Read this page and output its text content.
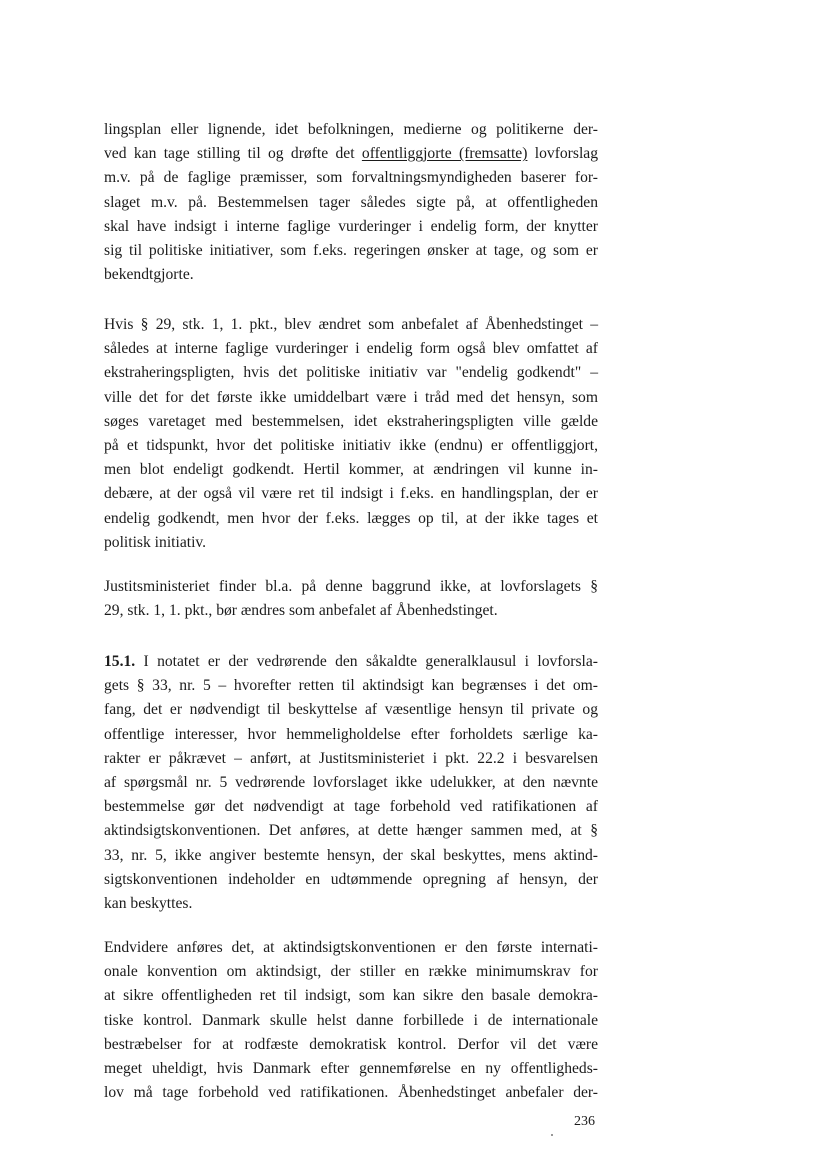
lingsplan eller lignende, idet befolkningen, medierne og politikerne der-
ved kan tage stilling til og drøfte det offentliggjorte (fremsatte) lovforslag
m.v. på de faglige præmisser, som forvaltningsmyndigheden baserer for-
slaget m.v. på. Bestemmelsen tager således sigte på, at offentligheden
skal have indsigt i interne faglige vurderinger i endelig form, der knytter
sig til politiske initiativer, som f.eks. regeringen ønsker at tage, og som er
bekendtgjorte.
Hvis § 29, stk. 1, 1. pkt., blev ændret som anbefalet af Åbenhedstinget –
således at interne faglige vurderinger i endelig form også blev omfattet af
ekstraheringspligten, hvis det politiske initiativ var "endelig godkendt" –
ville det for det første ikke umiddelbart være i tråd med det hensyn, som
søges varetaget med bestemmelsen, idet ekstraheringspligten ville gælde
på et tidspunkt, hvor det politiske initiativ ikke (endnu) er offentliggjort,
men blot endeligt godkendt. Hertil kommer, at ændringen vil kunne in-
debære, at der også vil være ret til indsigt i f.eks. en handlingsplan, der er
endelig godkendt, men hvor der f.eks. lægges op til, at der ikke tages et
politisk initiativ.
Justitsministeriet finder bl.a. på denne baggrund ikke, at lovforslagets §
29, stk. 1, 1. pkt., bør ændres som anbefalet af Åbenhedstinget.
15.1. I notatet er der vedrørende den såkaldte generalklausul i lovforsla-
gets § 33, nr. 5 – hvorefter retten til aktindsigt kan begrænses i det om-
fang, det er nødvendigt til beskyttelse af væsentlige hensyn til private og
offentlige interesser, hvor hemmeligholdelse efter forholdets særlige ka-
rakter er påkrævet – anført, at Justitsministeriet i pkt. 22.2 i besvarelsen
af spørgsmål nr. 5 vedrørende lovforslaget ikke udelukker, at den nævnte
bestemmelse gør det nødvendigt at tage forbehold ved ratifikationen af
aktindsigtskonventionen. Det anføres, at dette hænger sammen med, at §
33, nr. 5, ikke angiver bestemte hensyn, der skal beskyttes, mens aktind-
sigtskonventionen indeholder en udtømmende opregning af hensyn, der
kan beskyttes.
Endvidere anføres det, at aktindsigtskonventionen er den første internati-
onale konvention om aktindsigt, der stiller en række minimumskrav for
at sikre offentligheden ret til indsigt, som kan sikre den basale demokra-
tiske kontrol. Danmark skulle helst danne forbillede i de internationale
bestræbelser for at rodfæste demokratisk kontrol. Derfor vil det være
meget uheldigt, hvis Danmark efter gennemførelse en ny offentligheds-
lov må tage forbehold ved ratifikationen. Åbenhedstinget anbefaler der-
236
